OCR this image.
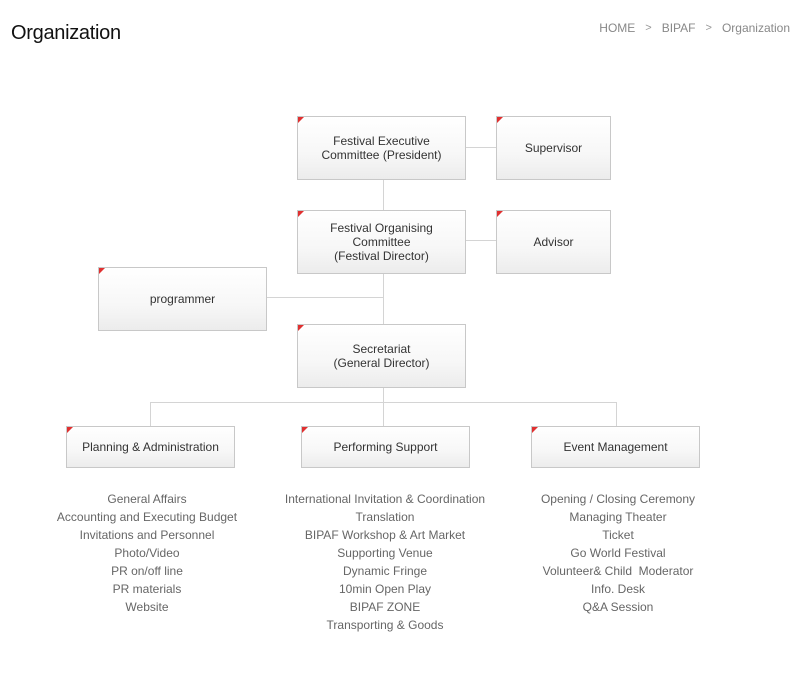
Organization	HOME > BIPAF > Organization
Festival Executive
Committee (President)	Supervisor
Festival Organising
Committee
(Festival Director)
Advisor
programmer
Secretariat
(General Director)
Planning & Administration	Performing Support	Event Management
General Affairs
Accounting and Executing Budget
Invitations and Personnel
Photo/Video
PR on/off line
PR materials
Website
International Invitation & Coordination
Translation
BIPAF Workshop & Art Market
Supporting Venue
Dynamic Fringe
10min Open Play
BIPAF ZONE
Transporting & Goods
Opening / Closing Ceremony
Managing Theater
Ticket
Go World Festival
Volunteer& Child  Moderator
Info. Desk
Q&A Session
